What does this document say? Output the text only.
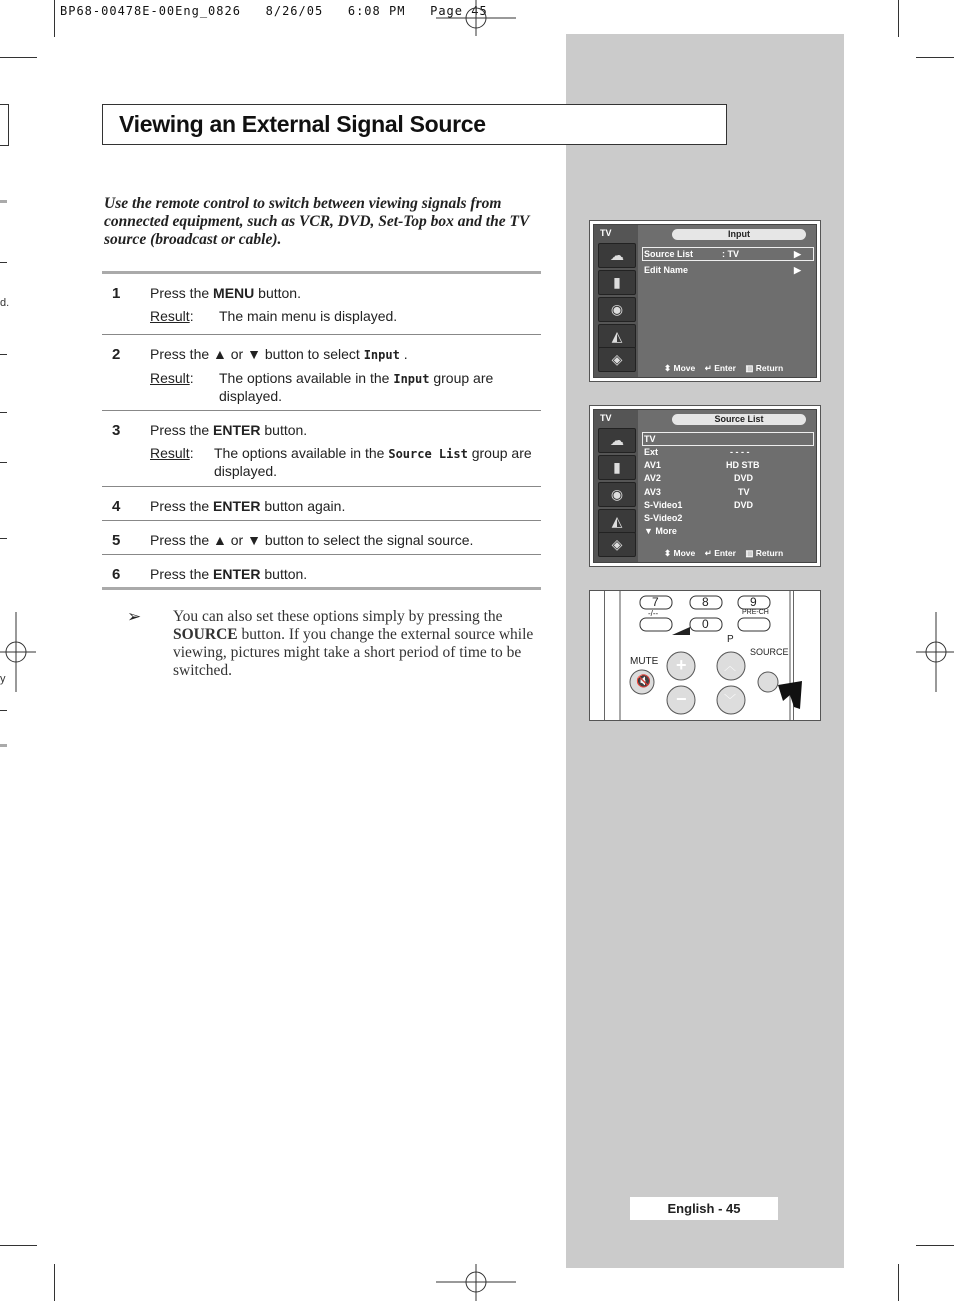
BP68-00478E-00Eng_0826   8/26/05   6:08 PM   Page 45
d.
y
Viewing an External Signal Source
Use the remote control to switch between viewing signals from connected equipment, such as VCR, DVD, Set-Top box and the TV source (broadcast or cable).
1	Press the MENU button.
Result: The main menu is displayed.
2	Press the ▲ or ▼ button to select Input .
Result: The options available in the Input group are displayed.
3	Press the ENTER button.
Result: The options available in the Source List group are displayed.
4	Press the ENTER button again.
5	Press the ▲ or ▼ button to select the signal source.
6	Press the ENTER button.
➢ You can also set these options simply by pressing the SOURCE button. If you change the external source while viewing, pictures might take a short period of time to be switched.
TV
☁
▮
◉
◭
◈
Input
Source List	: TV	▶
Edit Name	▶
⬍ Move ↵ Enter ▥ Return
TV
☁
▮
◉
◭
◈
Source List
TV
Ext	- - - -
AV1	HD STB
AV2	DVD
AV3	TV
S-Video1	DVD
S-Video2
▼ More
⬍ Move ↵ Enter ▥ Return
7	8	9
-/--
0
PRE-CH
P
MUTE
SOURCE
+
−
︿
﹀
🔇
English - 45
